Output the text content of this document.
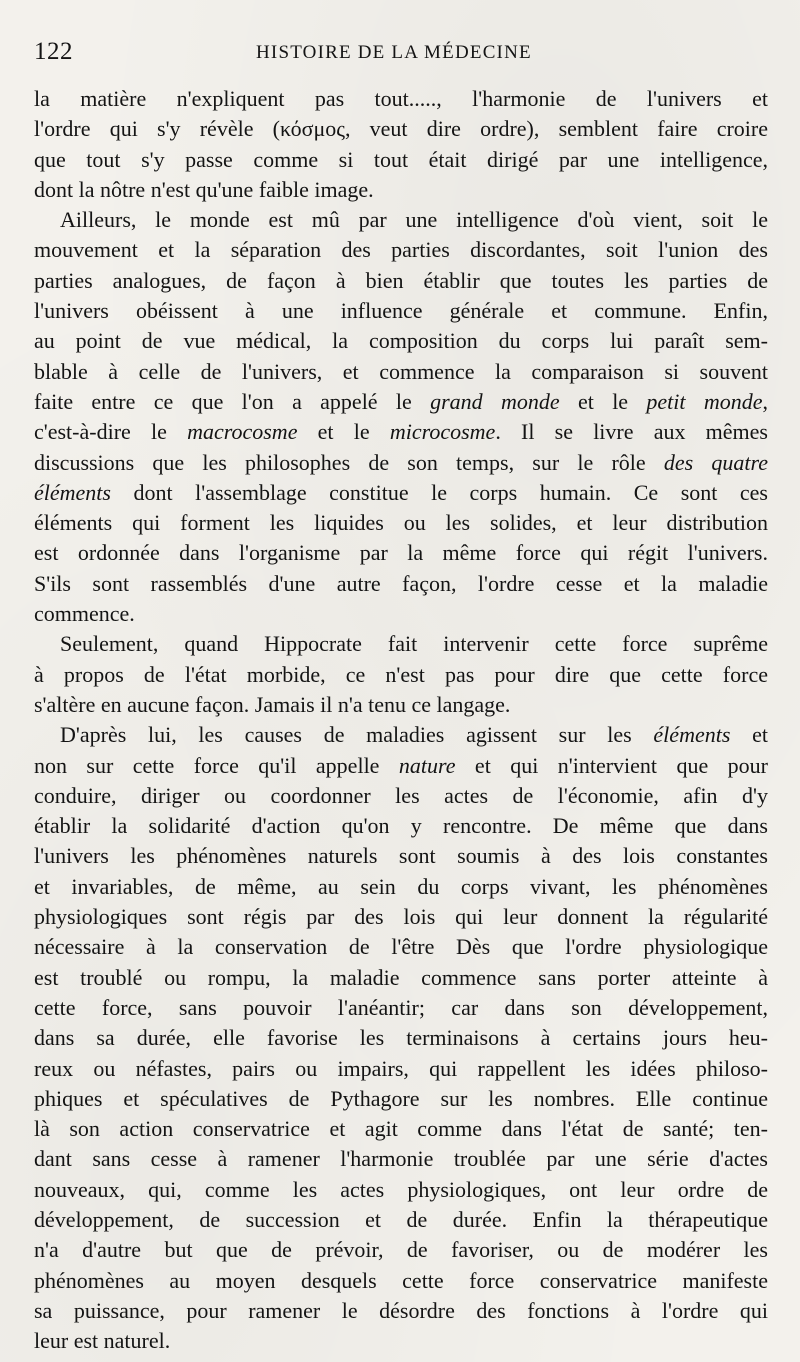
122	HISTOIRE DE LA MÉDECINE
la matière n'expliquent pas tout....., l'harmonie de l'univers et
l'ordre qui s'y révèle (κόσμος, veut dire ordre), semblent faire croire
que tout s'y passe comme si tout était dirigé par une intelligence,
dont la nôtre n'est qu'une faible image.
Ailleurs, le monde est mû par une intelligence d'où vient, soit le
mouvement et la séparation des parties discordantes, soit l'union des
parties analogues, de façon à bien établir que toutes les parties de
l'univers obéissent à une influence générale et commune. Enfin,
au point de vue médical, la composition du corps lui paraît sem-
blable à celle de l'univers, et commence la comparaison si souvent
faite entre ce que l'on a appelé le grand monde et le petit monde,
c'est-à-dire le macrocosme et le microcosme. Il se livre aux mêmes
discussions que les philosophes de son temps, sur le rôle des quatre
éléments dont l'assemblage constitue le corps humain. Ce sont ces
éléments qui forment les liquides ou les solides, et leur distribution
est ordonnée dans l'organisme par la même force qui régit l'univers.
S'ils sont rassemblés d'une autre façon, l'ordre cesse et la maladie
commence.
Seulement, quand Hippocrate fait intervenir cette force suprême
à propos de l'état morbide, ce n'est pas pour dire que cette force
s'altère en aucune façon. Jamais il n'a tenu ce langage.
D'après lui, les causes de maladies agissent sur les éléments et
non sur cette force qu'il appelle nature et qui n'intervient que pour
conduire, diriger ou coordonner les actes de l'économie, afin d'y
établir la solidarité d'action qu'on y rencontre. De même que dans
l'univers les phénomènes naturels sont soumis à des lois constantes
et invariables, de même, au sein du corps vivant, les phénomènes
physiologiques sont régis par des lois qui leur donnent la régularité
nécessaire à la conservation de l'être Dès que l'ordre physiologique
est troublé ou rompu, la maladie commence sans porter atteinte à
cette force, sans pouvoir l'anéantir; car dans son développement,
dans sa durée, elle favorise les terminaisons à certains jours heu-
reux ou néfastes, pairs ou impairs, qui rappellent les idées philoso-
phiques et spéculatives de Pythagore sur les nombres. Elle continue
là son action conservatrice et agit comme dans l'état de santé; ten-
dant sans cesse à ramener l'harmonie troublée par une série d'actes
nouveaux, qui, comme les actes physiologiques, ont leur ordre de
développement, de succession et de durée. Enfin la thérapeutique
n'a d'autre but que de prévoir, de favoriser, ou de modérer les
phénomènes au moyen desquels cette force conservatrice manifeste
sa puissance, pour ramener le désordre des fonctions à l'ordre qui
leur est naturel.
